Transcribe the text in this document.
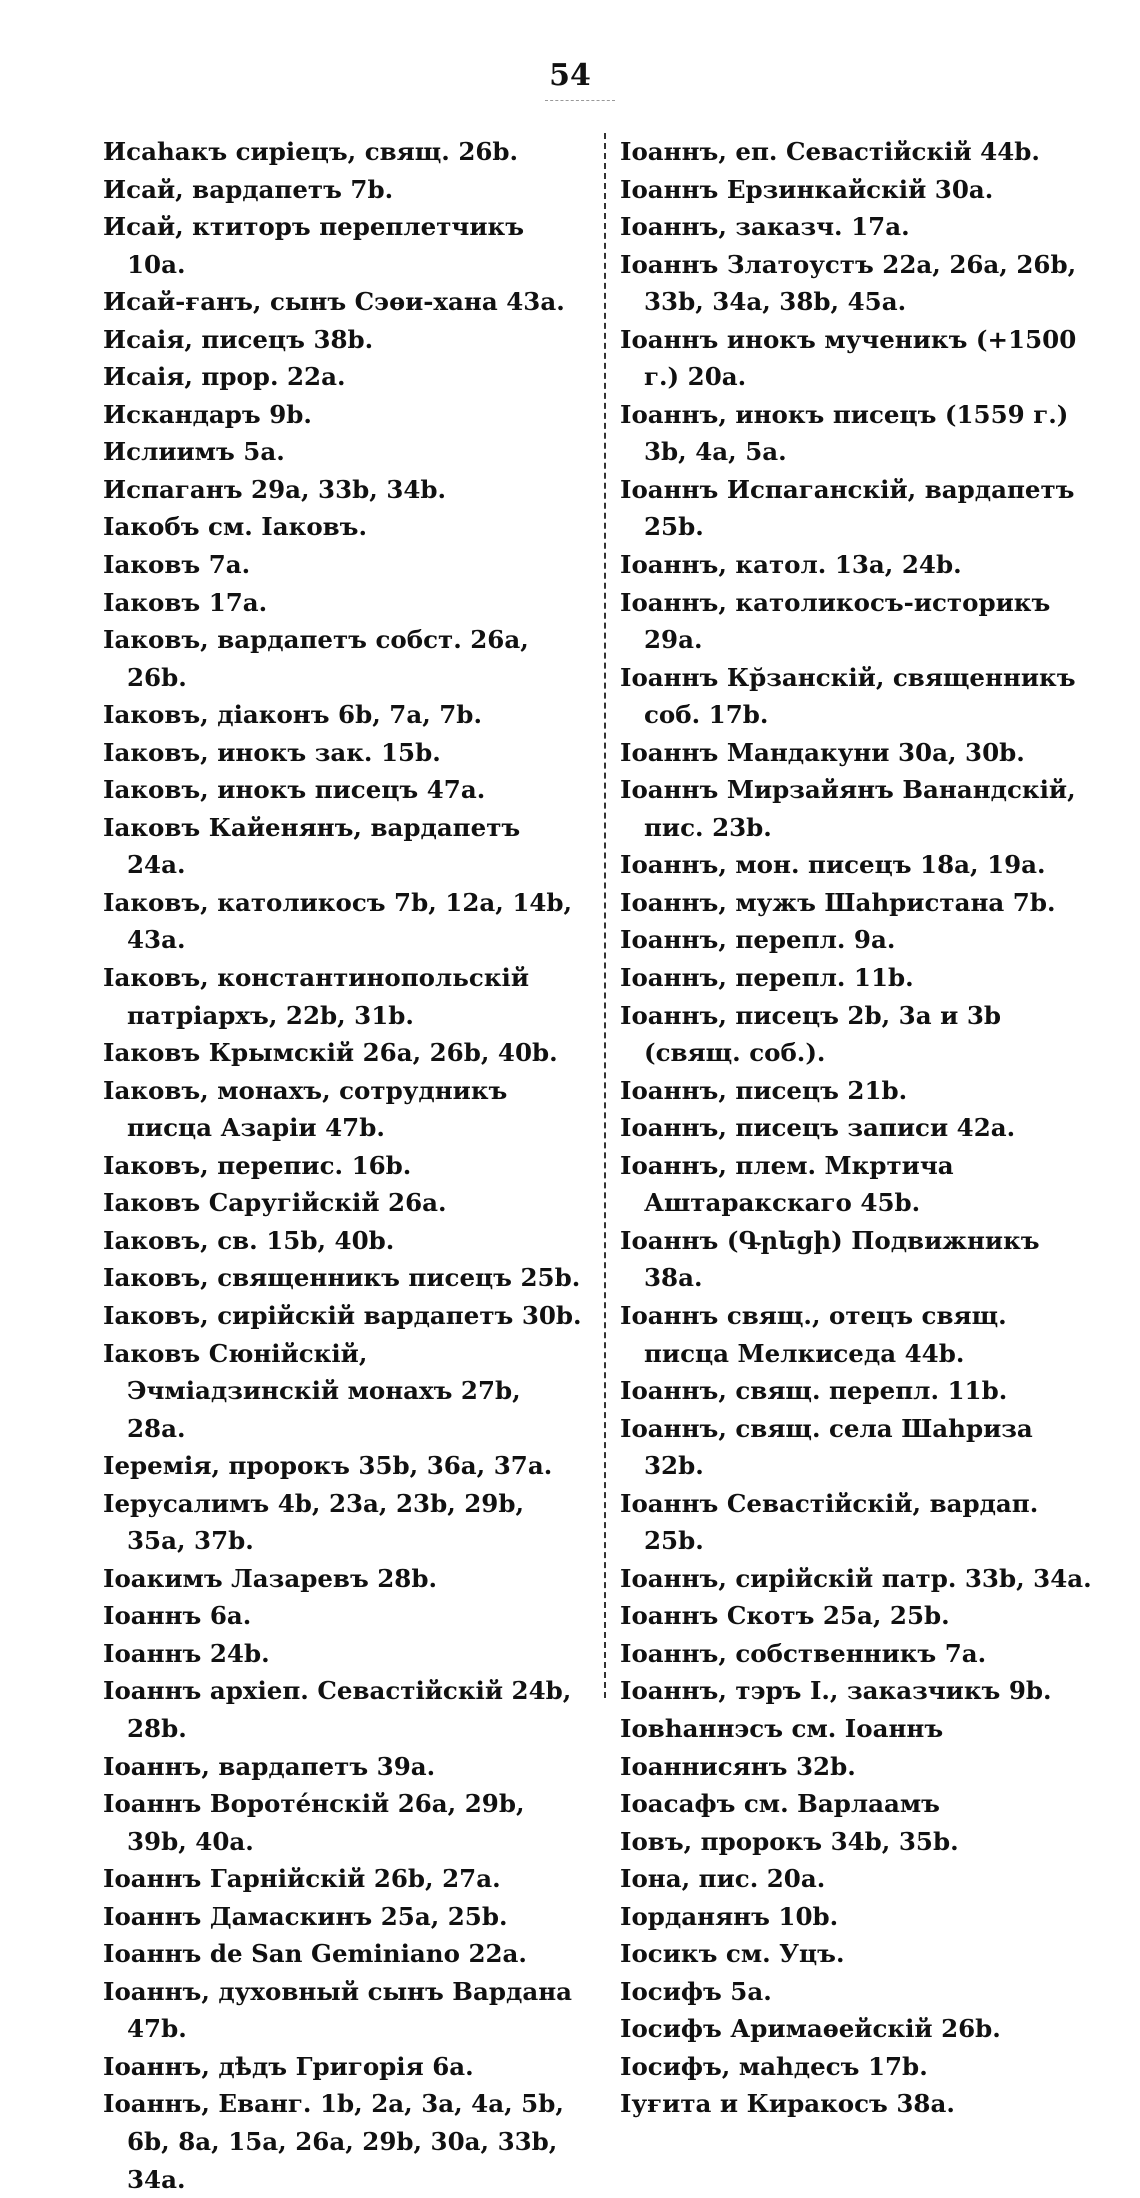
54
Исаһакъ сиріецъ, свящ. 26b.
Исай, вардапетъ 7b.
Исай, ктиторъ переплетчикъ 10а.
Исай-ғанъ, сынъ Сэѳи-хана 43а.
Исаія, писецъ 38b.
Исаія, прор. 22а.
Искандаръ 9b.
Ислиимъ 5а.
Испаганъ 29а, 33b, 34b.
Іакобъ см. Іаковъ.
Іаковъ 7а.
Іаковъ 17а.
Іаковъ, вардапетъ собст. 26а, 26b.
Іаковъ, діаконъ 6b, 7а, 7b.
Іаковъ, инокъ зак. 15b.
Іаковъ, инокъ писецъ 47а.
Іаковъ Кайенянъ, вардапетъ 24а.
Іаковъ, католикосъ 7b, 12а, 14b, 43а.
Іаковъ, константинопольскій патріархъ, 22b, 31b.
Іаковъ Крымскій 26а, 26b, 40b.
Іаковъ, монахъ, сотрудникъ писца Азаріи 47b.
Іаковъ, перепис. 16b.
Іаковъ Саругійскій 26а.
Іаковъ, св. 15b, 40b.
Іаковъ, священникъ писецъ 25b.
Іаковъ, сирійскій вардапетъ 30b.
Іаковъ Сюнійскій, Эчміадзинскій монахъ 27b, 28а.
Іеремія, пророкъ 35b, 36а, 37а.
Іерусалимъ 4b, 23а, 23b, 29b, 35а, 37b.
Іоакимъ Лазаревъ 28b.
Іоаннъ 6а.
Іоаннъ 24b.
Іоаннъ архіеп. Севастійскій 24b, 28b.
Іоаннъ, вардапетъ 39а.
Іоаннъ Вороте́нскій 26а, 29b, 39b, 40а.
Іоаннъ Гарнійскій 26b, 27а.
Іоаннъ Дамаскинъ 25а, 25b.
Іоаннъ de San Geminiano 22а.
Іоаннъ, духовный сынъ Вардана 47b.
Іоаннъ, дѣдъ Григорія 6а.
Іоаннъ, Еванг. 1b, 2а, 3а, 4а, 5b, 6b, 8а, 15а, 26а, 29b, 30а, 33b, 34а.
Іоаннъ, еп. Севастійскій 44b.
Іоаннъ Ерзинкайскій 30а.
Іоаннъ, заказч. 17а.
Іоаннъ Златоустъ 22а, 26а, 26b, 33b, 34а, 38b, 45а.
Іоаннъ инокъ мученикъ (+1500 г.) 20а.
Іоаннъ, инокъ писецъ (1559 г.) 3b, 4а, 5а.
Іоаннъ Испаганскій, вардапетъ 25b.
Іоаннъ, катол. 13а, 24b.
Іоаннъ, католикосъ-историкъ 29а.
Іоаннъ Кр̆занскій, священникъ соб. 17b.
Іоаннъ Мандакуни 30а, 30b.
Іоаннъ Мирзайянъ Ванандскій, пис. 23b.
Іоаннъ, мон. писецъ 18а, 19а.
Іоаннъ, мужъ Шаһристана 7b.
Іоаннъ, перепл. 9а.
Іоаннъ, перепл. 11b.
Іоаннъ, писецъ 2b, 3а и 3b (свящ. соб.).
Іоаннъ, писецъ 21b.
Іоаннъ, писецъ записи 42а.
Іоаннъ, плем. Мкртича Аштаракскаго 45b.
Іоаннъ (Գրեցի) Подвижникъ 38а.
Іоаннъ свящ., отецъ свящ. писца Мелкиседа 44b.
Іоаннъ, свящ. перепл. 11b.
Іоаннъ, свящ. села Шаһриза 32b.
Іоаннъ Севастійскій, вардап. 25b.
Іоаннъ, сирійскій патр. 33b, 34а.
Іоаннъ Скотъ 25а, 25b.
Іоаннъ, собственникъ 7а.
Іоаннъ, тэръ І., заказчикъ 9b.
Іовһаннэсъ см. Іоаннъ
Іоаннисянъ 32b.
Іоасафъ см. Варлаамъ
Іовъ, пророкъ 34b, 35b.
Іона, пис. 20а.
Іорданянъ 10b.
Іосикъ см. Уцъ.
Іосифъ 5а.
Іосифъ Аримаѳейскій 26b.
Іосифъ, маһдесъ 17b.
Іуғита и Киракосъ 38а.
